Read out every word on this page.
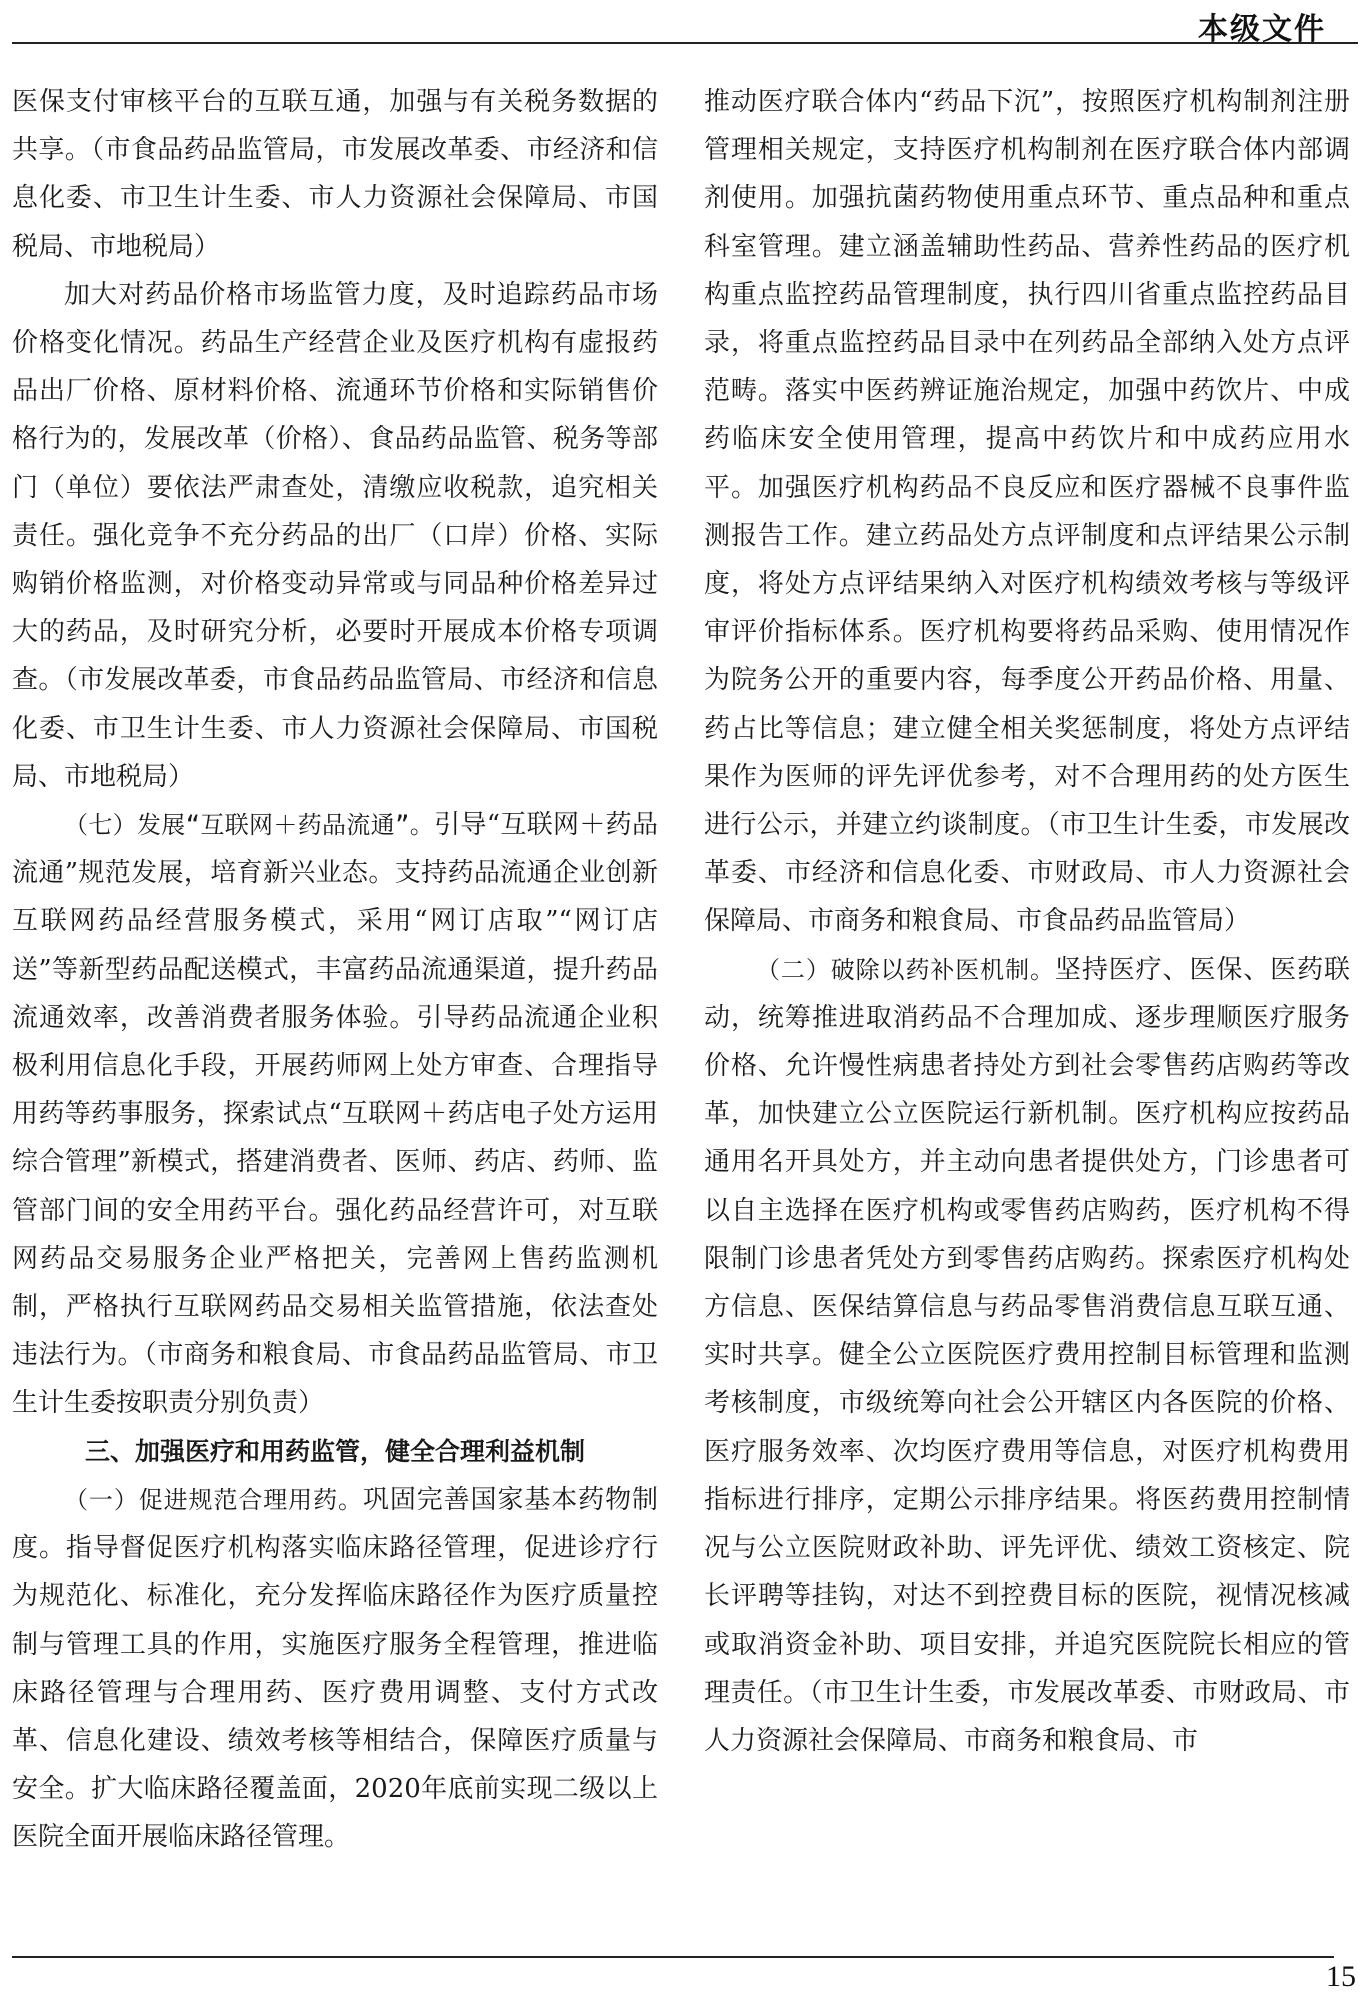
本级文件

医保支付审核平台的互联互通，加强与有关税务数据的共享。（市食品药品监管局，市发展改革委、市经济和信息化委、市卫生计生委、市人力资源社会保障局、市国税局、市地税局）

加大对药品价格市场监管力度，及时追踪药品市场价格变化情况。药品生产经营企业及医疗机构有虚报药品出厂价格、原材料价格、流通环节价格和实际销售价格行为的，发展改革（价格）、食品药品监管、税务等部门（单位）要依法严肃查处，清缴应收税款，追究相关责任。强化竞争不充分药品的出厂（口岸）价格、实际购销价格监测，对价格变动异常或与同品种价格差异过大的药品，及时研究分析，必要时开展成本价格专项调查。（市发展改革委，市食品药品监管局、市经济和信息化委、市卫生计生委、市人力资源社会保障局、市国税局、市地税局）

（七）发展“互联网＋药品流通”。引导“互联网＋药品流通”规范发展，培育新兴业态。支持药品流通企业创新互联网药品经营服务模式，采用“网订店取”“网订店送”等新型药品配送模式，丰富药品流通渠道，提升药品流通效率，改善消费者服务体验。引导药品流通企业积极利用信息化手段，开展药师网上处方审查、合理指导用药等药事服务，探索试点“互联网＋药店电子处方运用综合管理”新模式，搭建消费者、医师、药店、药师、监管部门间的安全用药平台。强化药品经营许可，对互联网药品交易服务企业严格把关，完善网上售药监测机制，严格执行互联网药品交易相关监管措施，依法查处违法行为。（市商务和粮食局、市食品药品监管局、市卫生计生委按职责分别负责）

三、加强医疗和用药监管，健全合理利益机制

（一）促进规范合理用药。巩固完善国家基本药物制度。指导督促医疗机构落实临床路径管理，促进诊疗行为规范化、标准化，充分发挥临床路径作为医疗质量控制与管理工具的作用，实施医疗服务全程管理，推进临床路径管理与合理用药、医疗费用调整、支付方式改革、信息化建设、绩效考核等相结合，保障医疗质量与安全。扩大临床路径覆盖面，2020年底前实现二级以上医院全面开展临床路径管理。

推动医疗联合体内“药品下沉”，按照医疗机构制剂注册管理相关规定，支持医疗机构制剂在医疗联合体内部调剂使用。加强抗菌药物使用重点环节、重点品种和重点科室管理。建立涵盖辅助性药品、营养性药品的医疗机构重点监控药品管理制度，执行四川省重点监控药品目录，将重点监控药品目录中在列药品全部纳入处方点评范畴。落实中医药辨证施治规定，加强中药饮片、中成药临床安全使用管理，提高中药饮片和中成药应用水平。加强医疗机构药品不良反应和医疗器械不良事件监测报告工作。建立药品处方点评制度和点评结果公示制度，将处方点评结果纳入对医疗机构绩效考核与等级评审评价指标体系。医疗机构要将药品采购、使用情况作为院务公开的重要内容，每季度公开药品价格、用量、药占比等信息；建立健全相关奖惩制度，将处方点评结果作为医师的评先评优参考，对不合理用药的处方医生进行公示，并建立约谈制度。（市卫生计生委，市发展改革委、市经济和信息化委、市财政局、市人力资源社会保障局、市商务和粮食局、市食品药品监管局）

（二）破除以药补医机制。坚持医疗、医保、医药联动，统筹推进取消药品不合理加成、逐步理顺医疗服务价格、允许慢性病患者持处方到社会零售药店购药等改革，加快建立公立医院运行新机制。医疗机构应按药品通用名开具处方，并主动向患者提供处方，门诊患者可以自主选择在医疗机构或零售药店购药，医疗机构不得限制门诊患者凭处方到零售药店购药。探索医疗机构处方信息、医保结算信息与药品零售消费信息互联互通、实时共享。健全公立医院医疗费用控制目标管理和监测考核制度，市级统筹向社会公开辖区内各医院的价格、医疗服务效率、次均医疗费用等信息，对医疗机构费用指标进行排序，定期公示排序结果。将医药费用控制情况与公立医院财政补助、评先评优、绩效工资核定、院长评聘等挂钩，对达不到控费目标的医院，视情况核减或取消资金补助、项目安排，并追究医院院长相应的管理责任。（市卫生计生委，市发展改革委、市财政局、市人力资源社会保障局、市商务和粮食局、市

15
